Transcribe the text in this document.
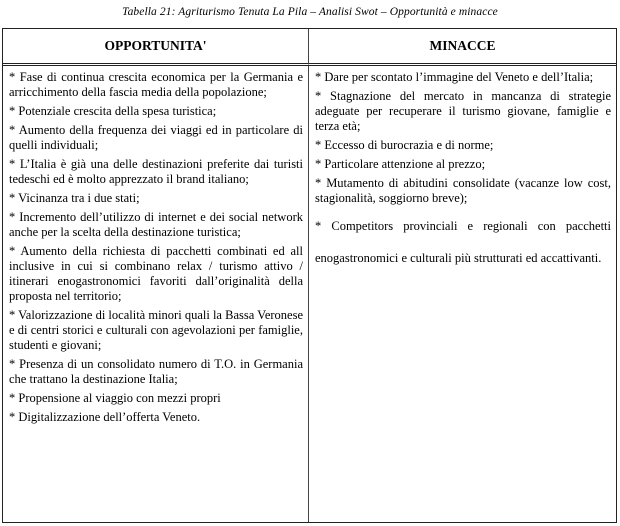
Tabella 21: Agriturismo Tenuta La Pila – Analisi Swot – Opportunità e minacce
OPPORTUNITA'	MINACCE
* Fase di continua crescita economica per la Germania e arricchimento della fascia media della popolazione;
* Potenziale crescita della spesa turistica;
* Aumento della frequenza dei viaggi ed in particolare di quelli individuali;
* L’Italia è già una delle destinazioni preferite dai turisti tedeschi ed è molto apprezzato il brand italiano;
* Vicinanza tra i due stati;
* Incremento dell’utilizzo di internet e dei social network anche per la scelta della destinazione turistica;
* Aumento della richiesta di pacchetti combinati ed all inclusive in cui si combinano relax / turismo attivo / itinerari enogastronomici favoriti dall’originalità della proposta nel territorio;
* Valorizzazione di località minori quali la Bassa Veronese e di centri storici e culturali con agevolazioni per famiglie, studenti e giovani;
* Presenza di un consolidato numero di T.O. in Germania che trattano la destinazione Italia;
* Propensione al viaggio con mezzi propri
* Digitalizzazione dell’offerta Veneto.
* Dare per scontato l’immagine del Veneto e dell’Italia;
* Stagnazione del mercato in mancanza di strategie adeguate per recuperare il turismo giovane, famiglie e terza età;
* Eccesso di burocrazia e di norme;
* Particolare attenzione al prezzo;
* Mutamento di abitudini consolidate (vacanze low cost, stagionalità, soggiorno breve);
* Competitors provinciali e regionali con pacchetti enogastronomici e culturali più strutturati ed accattivanti.
